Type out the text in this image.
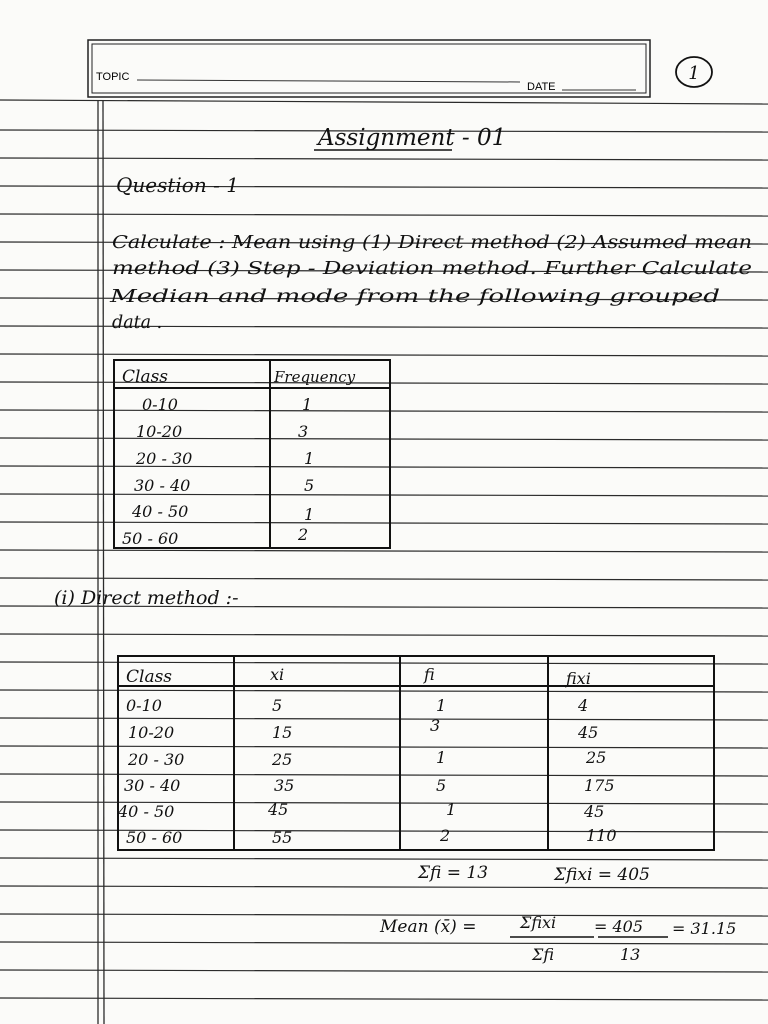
TOPIC
DATE
1
Assignment - 01
Question - 1
Calculate : Mean using (1) Direct method (2) Assumed mean
method (3) Step - Deviation method. Further Calculate
Median and mode from the following grouped
data .
Class	Frequency
0-10	1
10-20	3
20 - 30	1
30 - 40	5
40 - 50	1
50 - 60	2
(i) Direct method :-
Class	xi	fi	fixi
0-10	5	1	4
10-20	15	3	45
20 - 30	25	1	25
30 - 40	35	5	175
40 - 50	45	1	45
50 - 60	55	2	110
Σfi = 13	Σfixi = 405
Mean (x̄) =	Σfixi
Σfi
= 405
13
= 31.15
